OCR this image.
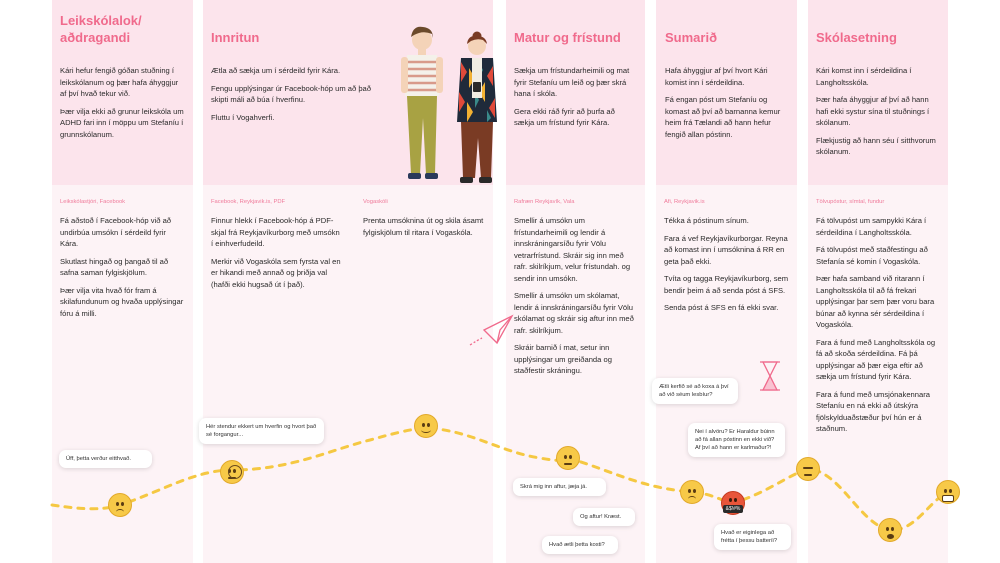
Leikskólalok/ aðdragandi

Kári hefur fengið góðan stuðning í leikskólanum og þær hafa áhyggjur af því hvað tekur við.

Þær vilja ekki að grunur leikskóla um ADHD fari inn í möppu um Stefaníu í grunnskólanum.

Innritun

Ætla að sækja um í sérdeild fyrir Kára.

Fengu upplýsingar úr Facebook-hóp um að það skipti máli að búa í hverfinu.

Fluttu í Vogahverfi.

Matur og frístund

Sækja um frístundarheimili og mat fyrir Stefaníu um leið og þær skrá hana í skóla.

Gera ekki ráð fyrir að þurfa að sækja um frístund fyrir Kára.

Sumarið

Hafa áhyggjur af því hvort Kári komist inn í sérdeildina.

Fá engan póst um Stefaníu og komast að því að barnanna kemur heim frá Tælandi að hann hefur fengið allan póstinn.

Skólasetning

Kári komst inn í sérdeildina í Langholtsskóla.

Þær hafa áhyggjur af því að hann hafi ekki systur sína til stuðnings í skólanum.

Flækjustig að hann séu í sitthvorum skólanum.

Leikskólastjóri, Facebook

Fá aðstoð í Facebook-hóp við að undirbúa umsókn í sérdeild fyrir Kára.

Skutlast hingað og þangað til að safna saman fylgiskjölum.

Þær vilja vita hvað fór fram á skilafundunum og hvaða upplýsingar fóru á milli.

Facebook, Reykjavik.is, PDF

Finnur hlekk í Facebook-hóp á PDF-skjal frá Reykjavíkurborg með umsókn í einhverfudeild.

Merkir við Vogaskóla sem fyrsta val en er hikandi með annað og þriðja val (hafði ekki hugsað út í það).

Vogaskóli

Prenta umsóknina út og skila ásamt fylgiskjölum til ritara í Vogaskóla.

Rafræn Reykjavík, Vala

Smellir á umsókn um frístundarheimili og lendir á innskráningarsíðu fyrir Völu vetrarfrístund. Skráir sig inn með rafr. skilríkjum, velur frístundah. og sendir inn umsókn.

Smellir á umsókn um skólamat, lendir á innskráningarsíðu fyrir Völu skólamat og skráir sig aftur inn með rafr. skilríkjum.

Skráir barnið í mat, setur inn upplýsingar um greiðanda og staðfestir skráningu.

Afi, Reykjavik.is

Tékka á póstinum sínum.

Fara á vef Reykjavíkurborgar. Reyna að komast inn í umsóknina á RR en geta það ekki.

Tvíta og tagga Reykjavíkurborg, sem bendir þeim á að senda póst á SFS.

Senda póst á SFS en fá ekki svar.

Tölvupóstur, símtal, fundur

Fá tölvupóst um sampykki Kára í sérdeildina í Langholtsskóla.

Fá tölvupóst með staðfestingu að Stefanía sé komin í Vogaskóla.

Þær hafa samband við ritarann í Langholtsskóla til að fá frekari upplýsingar þar sem þær voru bara búnar að kynna sér sérdeildina í Vogaskóla.

Fara á fund með Langholtsskóla og fá að skoða sérdeildina. Fá þá upplýsingar að þær eiga eftir að sækja um frístund fyrir Kára.

Fara á fund með umsjónakennara Stefaníu en ná ekki að útskýra fjölskylduaðstæður því hún er á staðnum.

&$!#%
Úff, þetta verður eitthvað.
Hér stendur ekkert um hverfin og hvort það sé forgangur...
Skrá mig inn aftur, jæja já.
Og aftur! Kræst.
Hvað ætli þetta kosti?
Ætli kerfið sé að koxa á því að við séum lesbíur?
Nei í alvöru? Er Haraldur búinn að fá allan póstinn en ekki við? Af því að hann er karlmaður?!
Hvað er eiginlega að frétta í þessu batteríi?
